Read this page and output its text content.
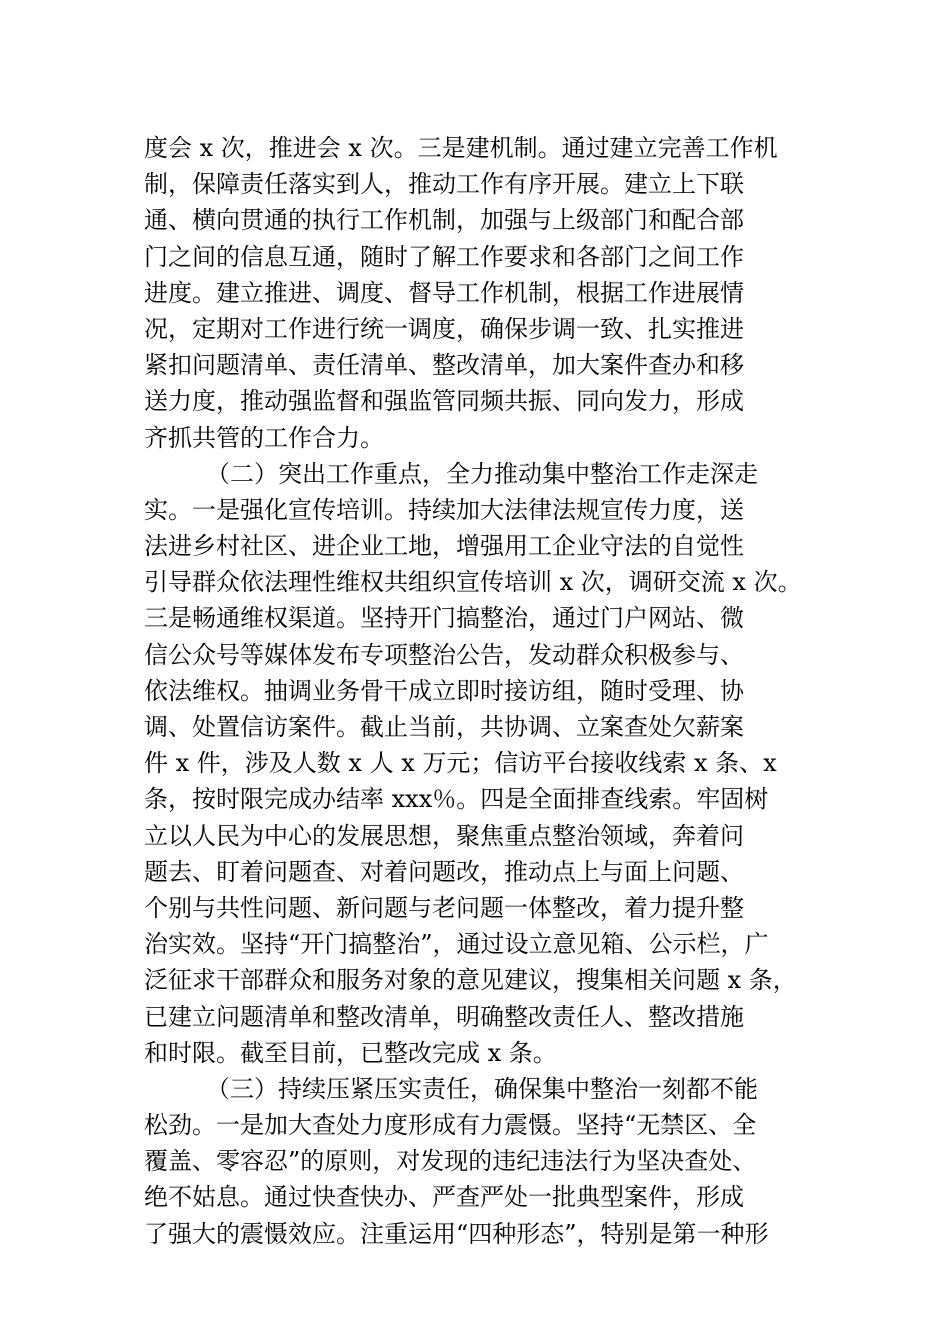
度会 x 次，推进会 x 次。三是建机制。通过建立完善工作机
制，保障责任落实到人，推动工作有序开展。建立上下联
通、横向贯通的执行工作机制，加强与上级部门和配合部
门之间的信息互通，随时了解工作要求和各部门之间工作
进度。建立推进、调度、督导工作机制，根据工作进展情
况，定期对工作进行统一调度，确保步调一致、扎实推进
紧扣问题清单、责任清单、整改清单，加大案件查办和移
送力度，推动强监督和强监管同频共振、同向发力，形成
齐抓共管的工作合力。
（二）突出工作重点，全力推动集中整治工作走深走
实。一是强化宣传培训。持续加大法律法规宣传力度，送
法进乡村社区、进企业工地，增强用工企业守法的自觉性
引导群众依法理性维权共组织宣传培训 x 次，调研交流 x 次。
三是畅通维权渠道。坚持开门搞整治，通过门户网站、微
信公众号等媒体发布专项整治公告，发动群众积极参与、
依法维权。抽调业务骨干成立即时接访组，随时受理、协
调、处置信访案件。截止当前，共协调、立案查处欠薪案
件 x 件，涉及人数 x 人 x 万元；信访平台接收线索 x 条、x
条，按时限完成办结率 xxx％。四是全面排查线索。牢固树
立以人民为中心的发展思想，聚焦重点整治领域，奔着问
题去、盯着问题查、对着问题改，推动点上与面上问题、
个别与共性问题、新问题与老问题一体整改，着力提升整
治实效。坚持“开门搞整治”，通过设立意见箱、公示栏，广
泛征求干部群众和服务对象的意见建议，搜集相关问题 x 条，
已建立问题清单和整改清单，明确整改责任人、整改措施
和时限。截至目前，已整改完成 x 条。
（三）持续压紧压实责任，确保集中整治一刻都不能
松劲。一是加大查处力度形成有力震慑。坚持“无禁区、全
覆盖、零容忍”的原则，对发现的违纪违法行为坚决查处、
绝不姑息。通过快查快办、严查严处一批典型案件，形成
了强大的震慑效应。注重运用“四种形态”，特别是第一种形
